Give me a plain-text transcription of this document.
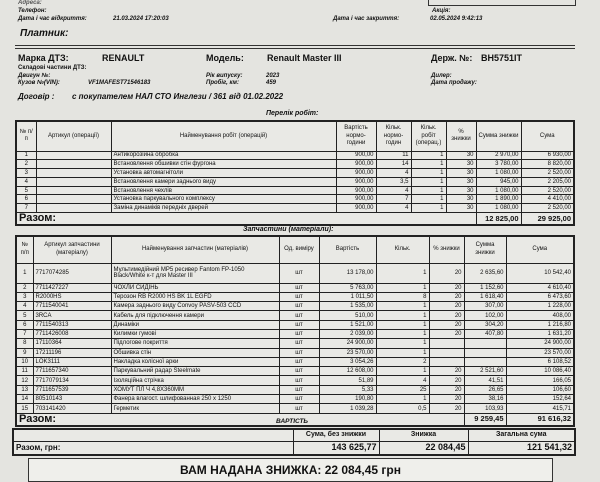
Адреса:
Акція:
Телефон:
Дата і час відкриття:	21.03.2024 17:20:03	Дата і час закриття:	02.05.2024 9:42:13
Платник:
Марка ДТЗ:	RENAULT	Модель:	Renault Master III	Держ. №: BH5751IT
Складові частини ДТЗ:
Двигун №:	Рік випуску:	2023	Дилер:
Кузов №(VIN):	VF1MAFEST71546183	Пробіг, км:	459	Дата продажу:
Договір : с покупателем НАЛ СТО Инглези / 361 від 01.02.2022
Перелік робіт:
№ п/п	Артикул (операції)	Найменування робіт (операцій)	Вартість нормо-години	Кільк. нормо-годин	Кільк. робіт (операц.)	% знижки	Сумма знижки	Сума
1		Антикорозійна обробка	900,00	11	1	30	2 970,00	6 930,00
2		Встановлення обшивки стін фургона	900,00	14	1	30	3 780,00	8 820,00
3		Установка автомагнітоли	900,00	4	1	30	1 080,00	2 520,00
4		Встановлення камери заднього виду	900,00	3,5	1	30	945,00	2 205,00
5		Встановлення чехлів	900,00	4	1	30	1 080,00	2 520,00
6		Установка паркувального комплексу	900,00	7	1	30	1 890,00	4 410,00
7		Заміна динаміків передніх дверей	900,00	4	1	30	1 080,00	2 520,00
Разом:							12 825,00	29 925,00
Запчастини (матеріали):
№ п/п	Артикул запчастини (матеріалу)	Найменування запчастин (матеріалів)	Од. виміру	Вартість	Кільк.	% знижки	Сумма знижки	Сума
1	7717074285	Мультимедійний MP5 ресивер Fantom FP-1050 Black/White к-т для Master III	шт	13 178,00	1	20	2 635,60	10 542,40
2	7711427227	ЧОХЛИ СИДІНЬ	шт	5 763,00	1	20	1 152,60	4 610,40
3	R2000HS	Терозон RB R2000 HS BK 1L EGFD	шт	1 011,50	8	20	1 618,40	6 473,60
4	7711540041	Камера заднього виду Convoy PASV-503 CCD	шт	1 535,00	1	20	307,00	1 228,00
5	3RCA	Кабель для підключення камери	шт	510,00	1	20	102,00	408,00
6	7711540313	Динаміки	шт	1 521,00	1	20	304,20	1 216,80
7	7711426008	Килимки гумові	шт	2 039,00	1	20	407,80	1 631,20
8	17110364	Підлогове покриття	шт	24 900,00	1			24 900,00
9	17211196	Обшивка стін	шт	23 570,00	1			23 570,00
10	LOK3111	Накладка колісної арки	шт	3 054,26	2			6 108,52
11	7711657340	Паркувальний радар Steelmate	шт	12 608,00	1	20	2 521,60	10 086,40
12	7717079134	Ізоляційна стрічка	шт	51,89	4	20	41,51	166,05
13	7711657539	ХОМУТ ПЛ Ч 4,8X360ММ	шт	5,33	25	20	26,65	106,60
14	80510143	Фанера влагост. шлифованная 250 x 1250	шт	190,80	1	20	38,16	152,64
15	703141420	Герметик	шт	1 039,28	0,5	20	103,93	415,71
Разом:							9 259,45	91 616,32
ВАРТІСТЬ
	Сума, без знижки	Знижка	Загальна сума
Разом, грн:	143 625,77	22 084,45	121 541,32
ВАМ НАДАНА ЗНИЖКА: 22 084,45 грн
